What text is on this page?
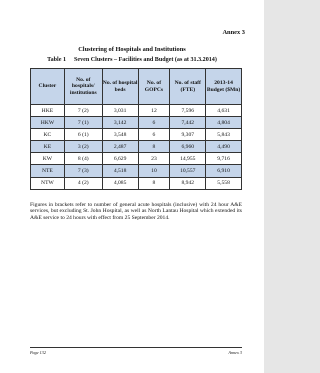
Annex 3
Clustering of Hospitals and Institutions
Table 1 Seven Clusters – Facilities and Budget (as at 31.3.2014)
Cluster	No. of hospitals/ institutions	No. of hospital beds	No. of GOPCs	No. of staff (FTE)	2013-14 Budget ($Mn)
HKE	7 (2)	3,031	12	7,596	4,631
HKW	7 (1)	3,142	6	7,442	4,804
KC	6 (1)	3,548	6	9,307	5,843
KE	3 (2)	2,487	8	6,960	4,490
KW	8 (4)	6,629	23	14,955	9,716
NTE	7 (3)	4,518	10	10,557	6,910
NTW	4 (2)	4,085	8	8,942	5,558

Figures in brackets refer to number of general acute hospitals (inclusive) with 24 hour A&E services, but excluding St. John Hospital, as well as North Lantau Hospital which extended its A&E service to 24 hours with effect from 25 September 2014.

Page 132	Annex 3
